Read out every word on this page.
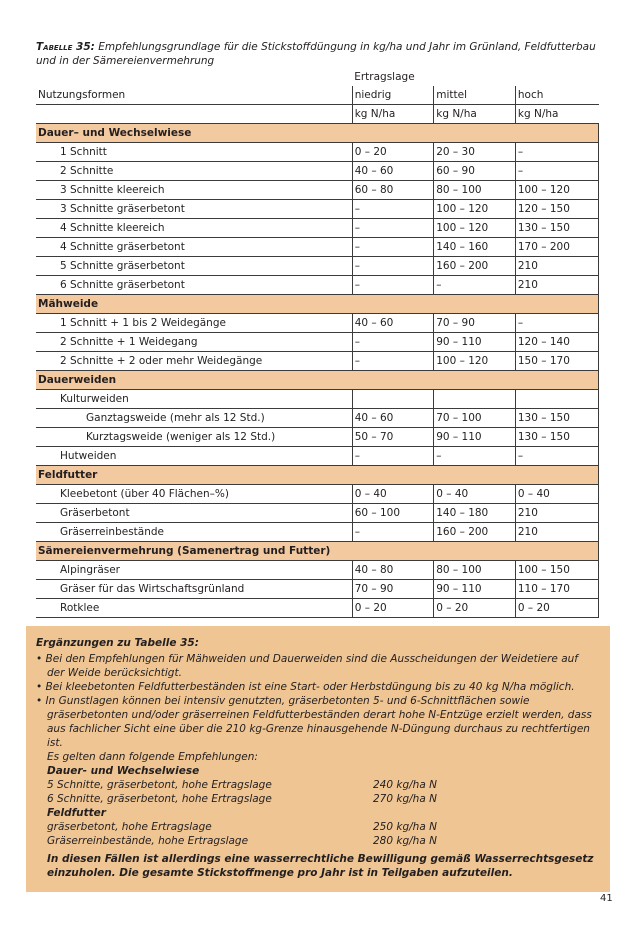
Tabelle 35: Empfehlungsgrundlage für die Stickstoffdüngung in kg/ha und Jahr im Grünland, Feldfutterbau und in der Sämereienvermehrung
	Ertragslage		
Nutzungsformen	niedrig	mittel	hoch
	kg N/ha	kg N/ha	kg N/ha
Dauer– und Wechselwiese			
1 Schnitt	0 – 20	20 – 30	–
2 Schnitte	40 – 60	60 – 90	–
3 Schnitte kleereich	60 – 80	80 – 100	100 – 120
3 Schnitte gräserbetont	–	100 – 120	120 – 150
4 Schnitte kleereich	–	100 – 120	130 – 150
4 Schnitte gräserbetont	–	140 – 160	170 – 200
5 Schnitte gräserbetont	–	160 – 200	210
6 Schnitte gräserbetont	–	–	210
Mähweide			
1 Schnitt + 1 bis 2 Weidegänge	40 – 60	70 – 90	–
2 Schnitte + 1 Weidegang	–	90 – 110	120 – 140
2 Schnitte + 2 oder mehr Weidegänge	–	100 – 120	150 – 170
Dauerweiden			
Kulturweiden			
Ganztagsweide (mehr als 12 Std.)	40 – 60	70 – 100	130 – 150
Kurztagsweide (weniger als 12 Std.)	50 – 70	90 – 110	130 – 150
Hutweiden	–	–	–
Feldfutter			
Kleebetont (über 40 Flächen–%)	0 – 40	0 – 40	0 – 40
Gräserbetont	60 – 100	140 – 180	210
Gräserreinbestände	–	160 – 200	210
Sämereienvermehrung (Samenertrag und Futter)			
Alpingräser	40 – 80	80 – 100	100 – 150
Gräser für das Wirtschaftsgrünland	70 – 90	90 – 110	110 – 170
Rotklee	0 – 20	0 – 20	0 – 20
Ergänzungen zu Tabelle 35:

• Bei den Empfehlungen für Mähweiden und Dauerweiden sind die Ausscheidungen der Weidetiere auf der Weide berücksichtigt.

• Bei kleebetonten Feldfutterbeständen ist eine Start- oder Herbstdüngung bis zu 40 kg N/ha möglich.

• In Gunstlagen können bei intensiv genutzten, gräserbetonten 5- und 6-Schnittflächen sowie gräserbetonten und/oder gräserreinen Feldfutterbeständen derart hohe N-Entzüge erzielt werden, dass aus fachlicher Sicht eine über die 210 kg-Grenze hinausgehende N-Düngung durchaus zu rechtfertigen ist.

Es gelten dann folgende Empfehlungen:

Dauer- und Wechselwiese

5 Schnitte, gräserbetont, hohe Ertragslage	240 kg/ha N
6 Schnitte, gräserbetont, hohe Ertragslage	270 kg/ha N

Feldfutter

gräserbetont, hohe Ertragslage	250 kg/ha N
Gräserreinbestände, hohe Ertragslage	280 kg/ha N

In diesen Fällen ist allerdings eine wasserrechtliche Bewilligung gemäß Wasserrechtsgesetz einzuholen. Die gesamte Stickstoffmenge pro Jahr ist in Teilgaben aufzuteilen.

41
